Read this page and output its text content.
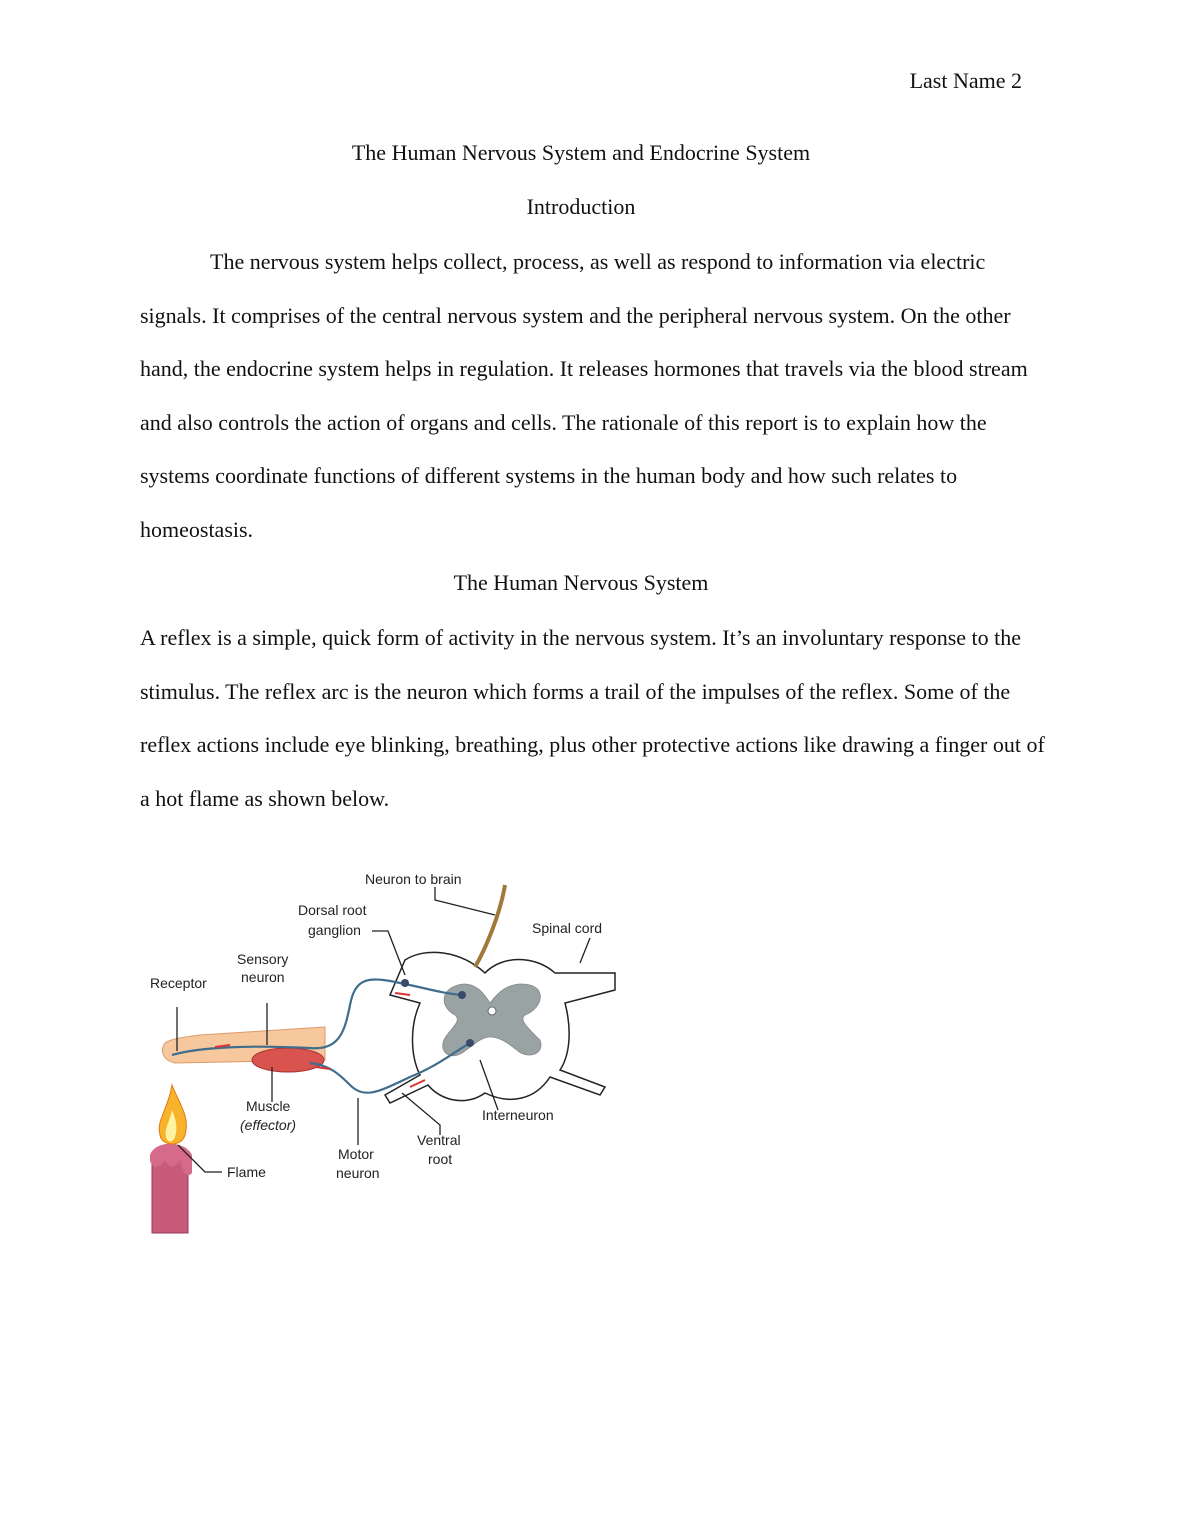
Last Name 2
The Human Nervous System and Endocrine System
Introduction

The nervous system helps collect, process, as well as respond to information via electric signals. It comprises of the central nervous system and the peripheral nervous system. On the other hand, the endocrine system helps in regulation. It releases hormones that travels via the blood stream and also controls the action of organs and cells. The rationale of this report is to explain how the systems coordinate functions of different systems in the human body and how such relates to homeostasis.

The Human Nervous System

A reflex is a simple, quick form of activity in the nervous system. It’s an involuntary response to the stimulus. The reflex arc is the neuron which forms a trail of the impulses of the reflex. Some of the reflex actions include eye blinking, breathing, plus other protective actions like drawing a finger out of a hot flame as shown below.

Neuron to brain
Dorsal root
ganglion	Spinal cord
Sensory
neuron
Receptor
Muscle
(effector)
Flame
Motor
neuron
Ventral
root
Interneuron
